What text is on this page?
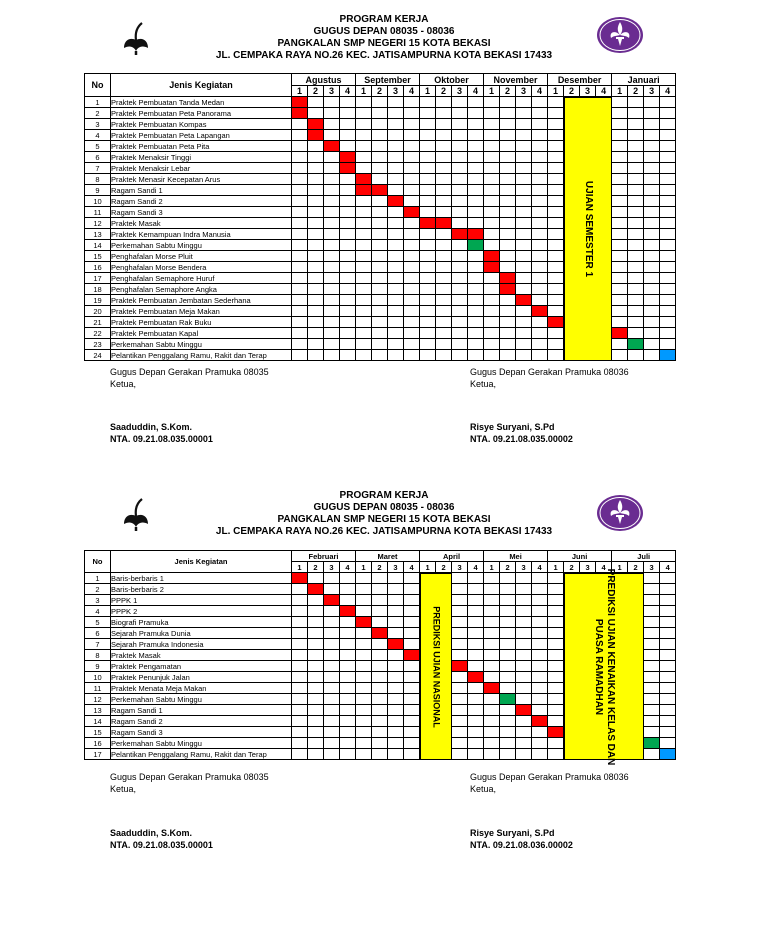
PROGRAM KERJA
GUGUS DEPAN 08035 - 08036
PANGKALAN SMP NEGERI 15 KOTA BEKASI
JL. CEMPAKA RAYA NO.26 KEC. JATISAMPURNA KOTA BEKASI 17433
No	Jenis Kegiatan	Agustus				September				Oktober				November				Desember				Januari			
		1	2	3	4	1	2	3	4	1	2	3	4	1	2	3	4	1	2	3	4	1	2	3	4
1	Praktek Pembuatan Tanda Medan																								
2	Praktek Pembuatan Peta Panorama																								
3	Praktek Pembuatan Kompas																								
4	Praktek Pembuatan Peta Lapangan																								
5	Praktek Pembuatan Peta Pita																								
6	Praktek Menaksir Tinggi																								
7	Praktek Menaksir Lebar																								
8	Praktek Menasir Kecepatan Arus																								
9	Ragam Sandi 1																								
10	Ragam Sandi 2																								
11	Ragam Sandi 3																								
12	Praktek Masak																								
13	Praktek Kemampuan Indra Manusia																								
14	Perkemahan Sabtu Minggu																								
15	Penghafalan Morse Pluit																								
16	Penghafalan Morse Bendera																								
17	Penghafalan Semaphore Huruf																								
18	Penghafalan Semaphore Angka																								
19	Praktek Pembuatan Jembatan Sederhana																								
20	Praktek Pembuatan Meja Makan																								
21	Praktek Pembuatan Rak Buku																								
22	Praktek Pembuatan Kapal																								
23	Perkemahan Sabtu Minggu																								
24	Pelantikan Penggalang Ramu, Rakit dan Terap																								
UJIAN SEMESTER 1
Gugus Depan Gerakan Pramuka 08035
Ketua,
Saaduddin, S.Kom.
NTA. 09.21.08.035.00001
Gugus Depan Gerakan Pramuka 08036
Ketua,
Risye Suryani, S.Pd
NTA. 09.21.08.035.00002
PROGRAM KERJA
GUGUS DEPAN 08035 - 08036
PANGKALAN SMP NEGERI 15 KOTA BEKASI
JL. CEMPAKA RAYA NO.26 KEC. JATISAMPURNA KOTA BEKASI 17433
No	Jenis Kegiatan	Februari				Maret				April				Mei				Juni				Juli			
		1	2	3	4	1	2	3	4	1	2	3	4	1	2	3	4	1	2	3	4	1	2	3	4
1	Baris-berbaris 1																								
2	Baris-berbaris 2																								
3	PPPK 1																								
4	PPPK 2																								
5	Biografi Pramuka																								
6	Sejarah Pramuka Dunia																								
7	Sejarah Pramuka Indonesia																								
8	Praktek Masak																								
9	Praktek Pengamatan																								
10	Praktek Penunjuk Jalan																								
11	Praktek Menata Meja Makan																								
12	Perkemahan Sabtu Minggu																								
13	Ragam Sandi 1																								
14	Ragam Sandi 2																								
15	Ragam Sandi 3																								
16	Perkemahan Sabtu Minggu																								
17	Pelantikan Penggalang Ramu, Rakit dan Terap																								
PREDIKSI UJIAN NASIONAL	PREDIKSI UJIAN KENAIKAN KELAS DAN
PUASA RAMADHAN
Gugus Depan Gerakan Pramuka 08035
Ketua,
Saaduddin, S.Kom.
NTA. 09.21.08.035.00001
Gugus Depan Gerakan Pramuka 08036
Ketua,
Risye Suryani, S.Pd
NTA. 09.21.08.036.00002
